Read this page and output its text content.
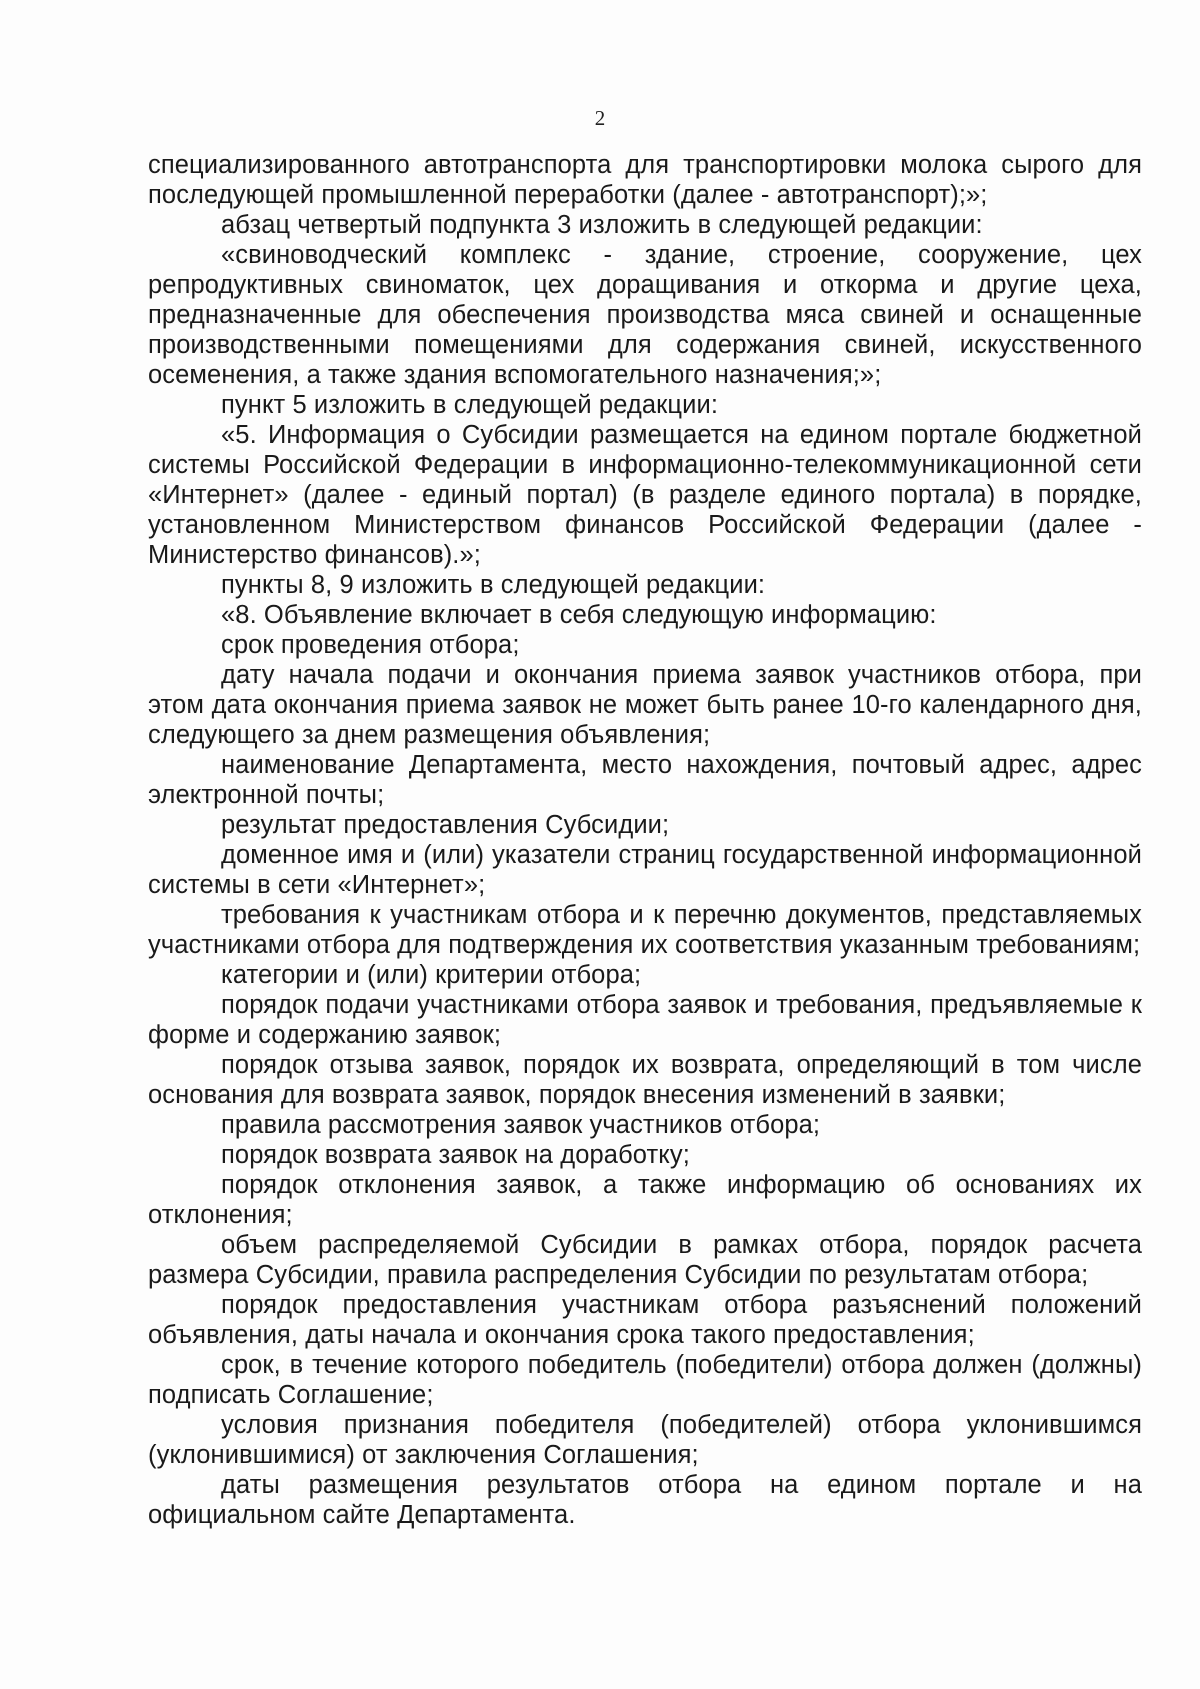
2

специализированного автотранспорта для транспортировки молока сырого для последующей промышленной переработки (далее - автотранспорт);»;

абзац четвертый подпункта 3 изложить в следующей редакции:

«свиноводческий комплекс - здание, строение, сооружение, цех репродуктивных свиноматок, цех доращивания и откорма и другие цеха, предназначенные для обеспечения производства мяса свиней и оснащенные производственными помещениями для содержания свиней, искусственного осеменения, а также здания вспомогательного назначения;»;

пункт 5 изложить в следующей редакции:

«5. Информация о Субсидии размещается на едином портале бюджетной системы Российской Федерации в информационно-телекоммуникационной сети «Интернет» (далее - единый портал) (в разделе единого портала) в порядке, установленном Министерством финансов Российской Федерации (далее - Министерство финансов).»;

пункты 8, 9 изложить в следующей редакции:

«8. Объявление включает в себя следующую информацию:

срок проведения отбора;

дату начала подачи и окончания приема заявок участников отбора, при этом дата окончания приема заявок не может быть ранее 10-го календарного дня, следующего за днем размещения объявления;

наименование Департамента, место нахождения, почтовый адрес, адрес электронной почты;

результат предоставления Субсидии;

доменное имя и (или) указатели страниц государственной информационной системы в сети «Интернет»;

требования к участникам отбора и к перечню документов, представляемых участниками отбора для подтверждения их соответствия указанным требованиям;

категории и (или) критерии отбора;

порядок подачи участниками отбора заявок и требования, предъявляемые к форме и содержанию заявок;

порядок отзыва заявок, порядок их возврата, определяющий в том числе основания для возврата заявок, порядок внесения изменений в заявки;

правила рассмотрения заявок участников отбора;

порядок возврата заявок на доработку;

порядок отклонения заявок, а также информацию об основаниях их отклонения;

объем распределяемой Субсидии в рамках отбора, порядок расчета размера Субсидии, правила распределения Субсидии по результатам отбора;

порядок предоставления участникам отбора разъяснений положений объявления, даты начала и окончания срока такого предоставления;

срок, в течение которого победитель (победители) отбора должен (должны) подписать Соглашение;

условия признания победителя (победителей) отбора уклонившимся (уклонившимися) от заключения Соглашения;

даты размещения результатов отбора на едином портале и на официальном сайте Департамента.
